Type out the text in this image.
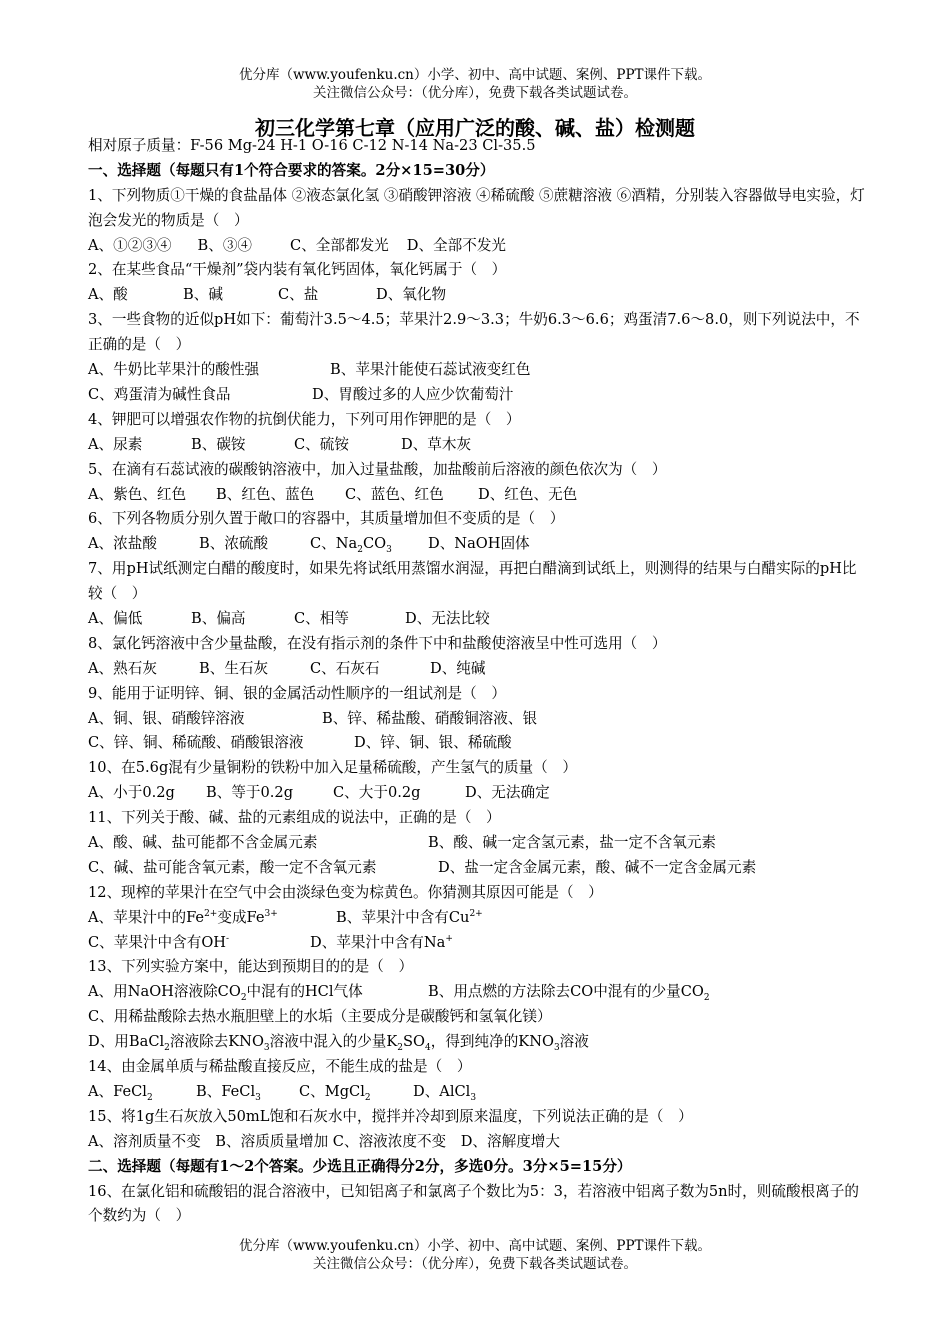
优分库（www.youfenku.cn）小学、初中、高中试题、案例、PPT课件下载。
关注微信公众号：（优分库），免费下载各类试题试卷。
初三化学第七章（应用广泛的酸、碱、盐）检测题
相对原子质量：F-56 Mg-24 H-1 O-16 C-12 N-14 Na-23 Cl-35.5
一、选择题（每题只有1个符合要求的答案。2分×15=30分）
1、下列物质①干燥的食盐晶体 ②液态氯化氢 ③硝酸钾溶液 ④稀硫酸 ⑤蔗糖溶液 ⑥酒精，分别装入容器做导电实验，灯泡会发光的物质是（　）
A、①②③④ B、③④	C、全部都发光 D、全部不发光
2、在某些食品“干燥剂”袋内装有氧化钙固体，氧化钙属于（　）
A、酸	B、碱	C、盐	D、氧化物
3、一些食物的近似pH如下：葡萄汁3.5～4.5；苹果汁2.9～3.3；牛奶6.3～6.6；鸡蛋清7.6～8.0，则下列说法中，不正确的是（　）
A、牛奶比苹果汁的酸性强	B、苹果汁能使石蕊试液变红色
C、鸡蛋清为碱性食品	D、胃酸过多的人应少饮葡萄汁
4、钾肥可以增强农作物的抗倒伏能力，下列可用作钾肥的是（　）
A、尿素	B、碳铵	C、硫铵	D、草木灰
5、在滴有石蕊试液的碳酸钠溶液中，加入过量盐酸，加盐酸前后溶液的颜色依次为（　）
A、紫色、红色 B、红色、蓝色 C、蓝色、红色 D、红色、无色
6、下列各物质分别久置于敞口的容器中，其质量增加但不变质的是（　）
A、浓盐酸	B、浓硫酸	C、$Na_2CO_3$ D、NaOH固体
7、用pH试纸测定白醋的酸度时，如果先将试纸用蒸馏水润湿，再把白醋滴到试纸上，则测得的结果与白醋实际的pH比较（　）
A、偏低	B、偏高	C、相等	D、无法比较
8、氯化钙溶液中含少量盐酸，在没有指示剂的条件下中和盐酸使溶液呈中性可选用（　）
A、熟石灰	B、生石灰	C、石灰石	D、纯碱
9、能用于证明锌、铜、银的金属活动性顺序的一组试剂是（　）
A、铜、银、硝酸锌溶液	B、锌、稀盐酸、硝酸铜溶液、银
C、锌、铜、稀硫酸、硝酸银溶液	D、锌、铜、银、稀硫酸
10、在5.6g混有少量铜粉的铁粉中加入足量稀硫酸，产生氢气的质量（　）
A、小于0.2g B、等于0.2g	C、大于0.2g	D、无法确定
11、下列关于酸、碱、盐的元素组成的说法中，正确的是（　）
A、酸、碱、盐可能都不含金属元素	B、酸、碱一定含氢元素，盐一定不含氧元素
C、碱、盐可能含氧元素，酸一定不含氧元素	D、盐一定含金属元素，酸、碱不一定含金属元素
12、现榨的苹果汁在空气中会由淡绿色变为棕黄色。你猜测其原因可能是（　）
A、苹果汁中的$Fe^{2+}$变成$Fe^{3+}$	B、苹果汁中含有$Cu^{2+}$
C、苹果汁中含有OH-	D、苹果汁中含有Na+
13、下列实验方案中，能达到预期目的的是（　）
A、用NaOH溶液除$CO_2$中混有的HCl气体	B、用点燃的方法除去CO中混有的少量$CO_2$
C、用稀盐酸除去热水瓶胆壁上的水垢（主要成分是碳酸钙和氢氧化镁）
D、用BaCl$_2$溶液除去$KNO_3$溶液中混入的少量$K_2SO_4$，得到纯净的$KNO_3$溶液
14、由金属单质与稀盐酸直接反应，不能生成的盐是（　）
A、FeCl$_2$	B、FeCl$_3$	C、MgCl$_2$	D、AlCl$_3$
15、将1g生石灰放入50mL饱和石灰水中，搅拌并冷却到原来温度，下列说法正确的是（　）
A、溶剂质量不变　B、溶质质量增加 C、溶液浓度不变　D、溶解度增大
二、选择题（每题有1～2个答案。少选且正确得分2分，多选0分。3分×5=15分）
16、在氯化铝和硫酸铝的混合溶液中，已知铝离子和氯离子个数比为5：3，若溶液中铝离子数为5n时，则硫酸根离子的个数约为（　）
优分库（www.youfenku.cn）小学、初中、高中试题、案例、PPT课件下载。
关注微信公众号：（优分库），免费下载各类试题试卷。
